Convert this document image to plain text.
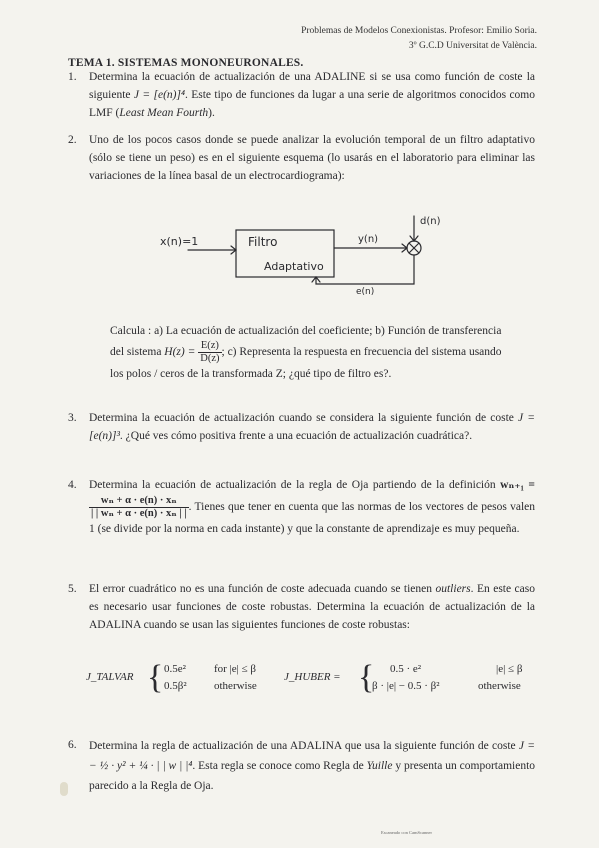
Problemas de Modelos Conexionistas. Profesor: Emilio Soria.
3º G.C.D Universitat de València.
TEMA 1. SISTEMAS MONONEURONALES.
1. Determina la ecuación de actualización de una ADALINE si se usa como función de coste la siguiente J = [e(n)]⁴. Este tipo de funciones da lugar a una serie de algoritmos conocidos como LMF (Least Mean Fourth).

2. Uno de los pocos casos donde se puede analizar la evolución temporal de un filtro adaptativo (sólo se tiene un peso) es en el siguiente esquema (lo usarás en el laboratorio para eliminar las variaciones de la línea basal de un electrocardiograma):

x(n)=1	Filtro
Adaptativo
y(n)
d(n)
e(n)
Calcula : a) La ecuación de actualización del coeficiente; b) Función de transferencia del sistema $H(z) = \frac{E(z)}{D(z)}$ ; c) Representa la respuesta en frecuencia del sistema usando los polos / ceros de la transformada Z; ¿qué tipo de filtro es?.
3. Determina la ecuación de actualización cuando se considera la siguiente función de coste J = [e(n)]³. ¿Qué ves cómo positiva frente a una ecuación de actualización cuadrática?.

4. Determina la ecuación de actualización de la regla de Oja partiendo de la definición wₙ₊₁ =
$\frac{\text{wₙ + α · e(n) · xₙ}}{\text{| | wₙ + α · e(n) · xₙ | |}}$ . Tienes que tener en cuenta que las normas de los vectores de pesos valen 1 (se divide por la norma en cada instante) y que la constante de aprendizaje es muy pequeña.

5. El error cuadrático no es una función de coste adecuada cuando se tienen outliers. En este caso es necesario usar funciones de coste robustas. Determina la ecuación de actualización de la ADALINA cuando se usan las siguientes funciones de coste robustas:

J_TALVAR { 0.5e²	for |e| ≤ β
0.5β² otherwise
J_HUBER = { 0.5 · e²	|e| ≤ β
β · |e| − 0.5 · β²	otherwise
6. Determina la regla de actualización de una ADALINA que usa la siguiente función de coste J = − ½ · y² + ¼ · | | w | |⁴. Esta regla se conoce como Regla de Yuille y presenta un comportamiento parecido a la Regla de Oja.

Escaneado con CamScanner
